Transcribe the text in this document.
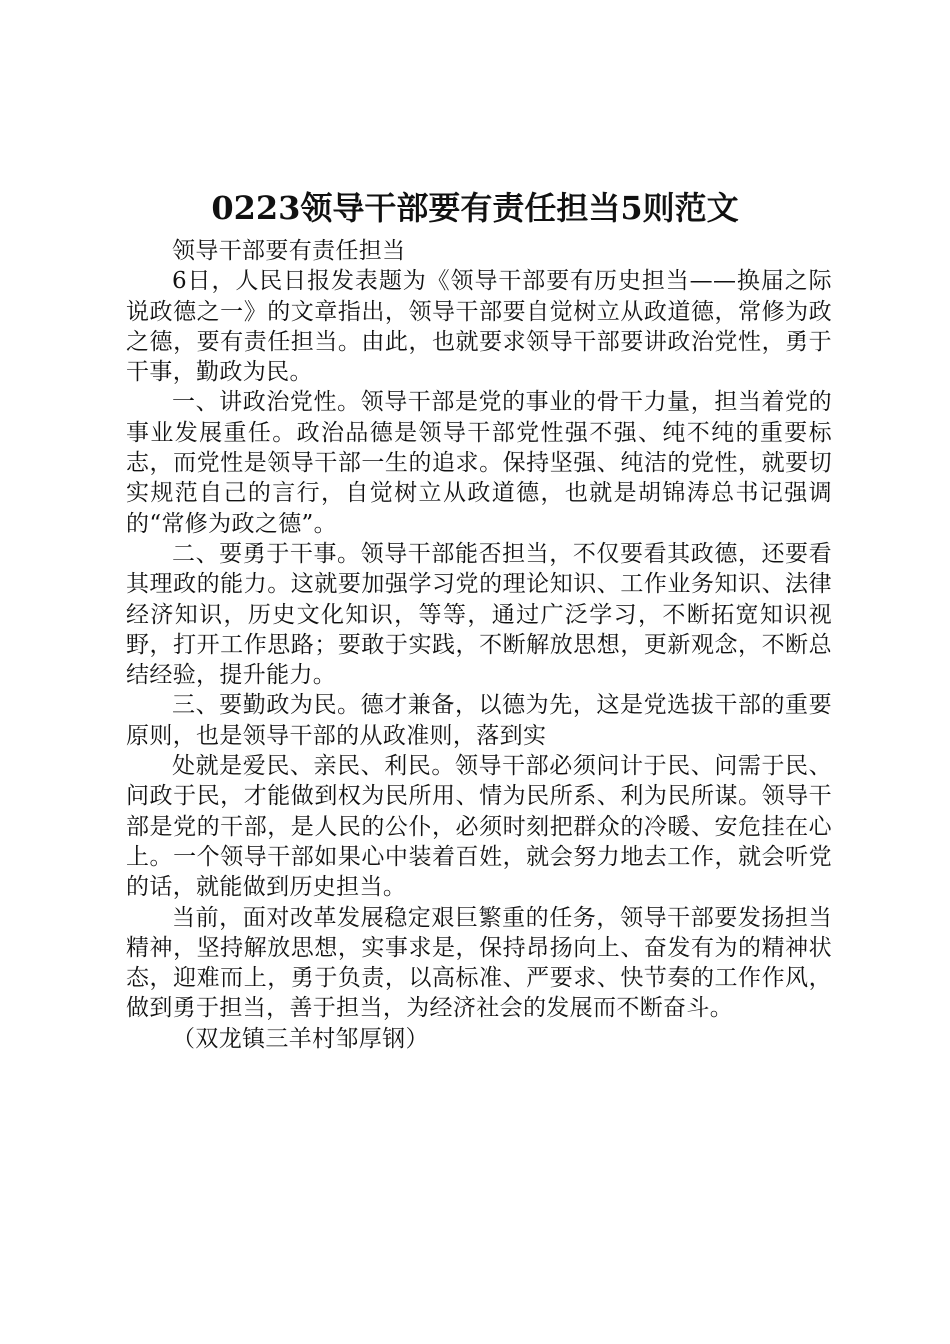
0223领导干部要有责任担当5则范文

领导干部要有责任担当

6日，人民日报发表题为《领导干部要有历史担当——换届之际说政德之一》的文章指出，领导干部要自觉树立从政道德，常修为政之德，要有责任担当。由此，也就要求领导干部要讲政治党性，勇于干事，勤政为民。

一、讲政治党性。领导干部是党的事业的骨干力量，担当着党的事业发展重任。政治品德是领导干部党性强不强、纯不纯的重要标志，而党性是领导干部一生的追求。保持坚强、纯洁的党性，就要切实规范自己的言行，自觉树立从政道德，也就是胡锦涛总书记强调的“常修为政之德”。

二、要勇于干事。领导干部能否担当，不仅要看其政德，还要看其理政的能力。这就要加强学习党的理论知识、工作业务知识、法律经济知识，历史文化知识，等等，通过广泛学习，不断拓宽知识视野，打开工作思路；要敢于实践，不断解放思想，更新观念，不断总结经验，提升能力。

三、要勤政为民。德才兼备，以德为先，这是党选拔干部的重要原则，也是领导干部的从政准则，落到实

处就是爱民、亲民、利民。领导干部必须问计于民、问需于民、问政于民，才能做到权为民所用、情为民所系、利为民所谋。领导干部是党的干部，是人民的公仆，必须时刻把群众的冷暖、安危挂在心上。一个领导干部如果心中装着百姓，就会努力地去工作，就会听党的话，就能做到历史担当。

当前，面对改革发展稳定艰巨繁重的任务，领导干部要发扬担当精神，坚持解放思想，实事求是，保持昂扬向上、奋发有为的精神状态，迎难而上，勇于负责，以高标准、严要求、快节奏的工作作风，做到勇于担当，善于担当，为经济社会的发展而不断奋斗。

（双龙镇三羊村邹厚钢）
